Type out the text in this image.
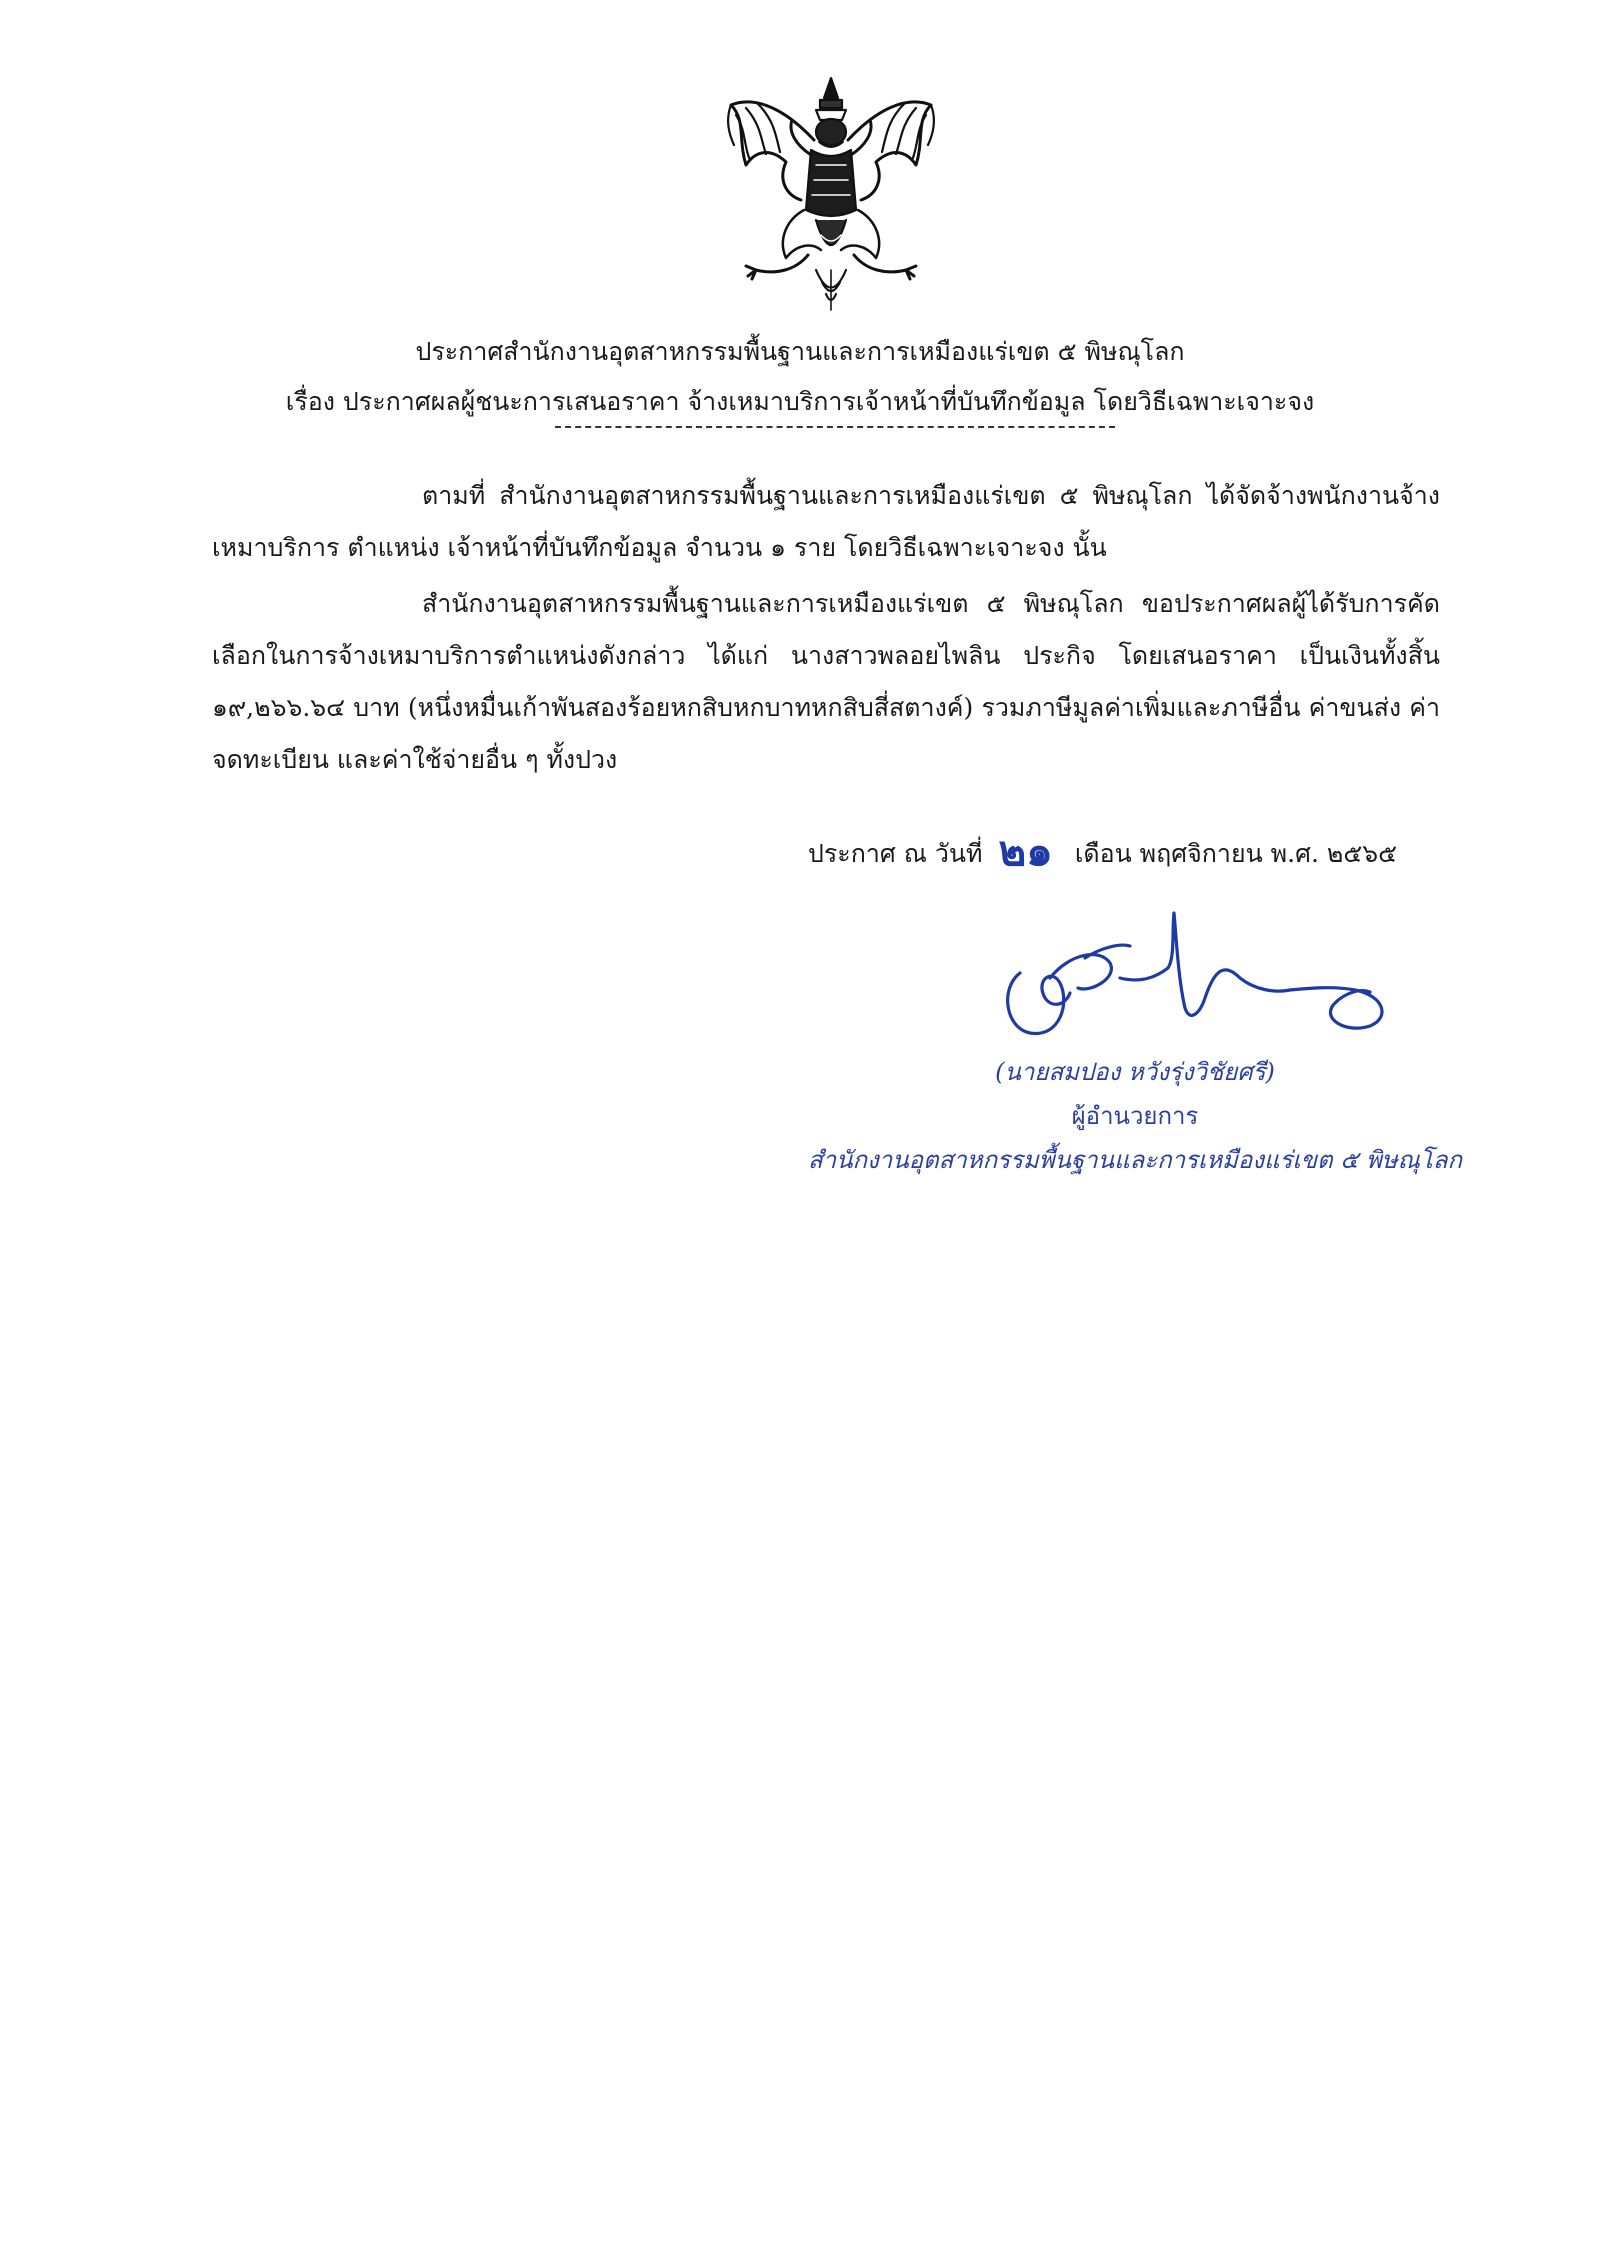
ประกาศสำนักงานอุตสาหกรรมพื้นฐานและการเหมืองแร่เขต ๕ พิษณุโลก
เรื่อง ประกาศผลผู้ชนะการเสนอราคา จ้างเหมาบริการเจ้าหน้าที่บันทึกข้อมูล โดยวิธีเฉพาะเจาะจง

ตามที่ สำนักงานอุตสาหกรรมพื้นฐานและการเหมืองแร่เขต ๕ พิษณุโลก ได้จัดจ้างพนักงานจ้างเหมาบริการ ตำแหน่ง เจ้าหน้าที่บันทึกข้อมูล จำนวน ๑ ราย โดยวิธีเฉพาะเจาะจง นั้น

สำนักงานอุตสาหกรรมพื้นฐานและการเหมืองแร่เขต ๕ พิษณุโลก ขอประกาศผลผู้ได้รับการคัดเลือกในการจ้างเหมาบริการตำแหน่งดังกล่าว ได้แก่ นางสาวพลอยไพลิน ประกิจ โดยเสนอราคา เป็นเงินทั้งสิ้น ๑๙,๒๖๖.๖๔ บาท (หนึ่งหมื่นเก้าพันสองร้อยหกสิบหกบาทหกสิบสี่สตางค์) รวมภาษีมูลค่าเพิ่มและภาษีอื่น ค่าขนส่ง ค่าจดทะเบียน และค่าใช้จ่ายอื่น ๆ ทั้งปวง

ประกาศ ณ วันที่ ๒๑ เดือน พฤศจิกายน พ.ศ. ๒๕๖๕
(นายสมปอง หวังรุ่งวิชัยศรี)
ผู้อำนวยการ
สำนักงานอุตสาหกรรมพื้นฐานและการเหมืองแร่เขต ๕ พิษณุโลก
